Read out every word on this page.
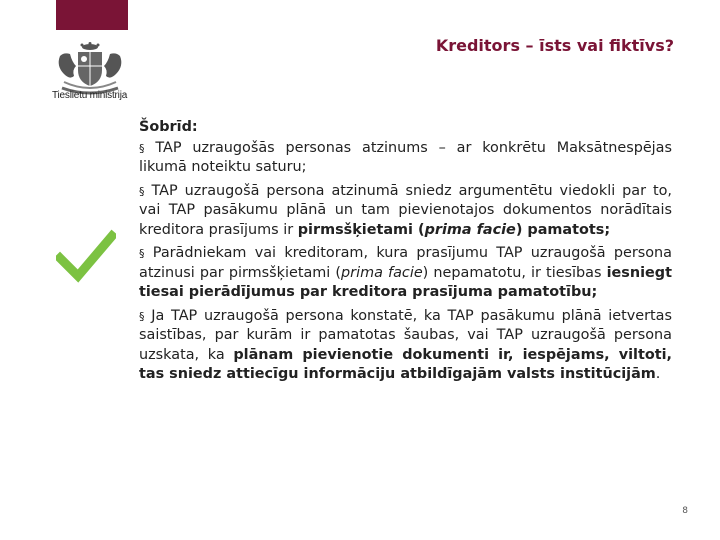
Tieslietu ministrija
Kreditors – īsts vai fiktīvs?
Šobrīd:
§ TAP uzraugošās personas atzinums – ar konkrētu Maksātnespējas likumā noteiktu saturu;
§ TAP uzraugošā persona atzinumā sniedz argumentētu viedokli par to, vai TAP pasākumu plānā un tam pievienotajos dokumentos norādītais kreditora prasījums ir pirmsšķietami (prima facie) pamatots;
§ Parādniekam vai kreditoram, kura prasījumu TAP uzraugošā persona atzinusi par pirmsšķietami (prima facie) nepamatotu, ir tiesības iesniegt tiesai pierādījumus par kreditora prasījuma pamatotību;
§ Ja TAP uzraugošā persona konstatē, ka TAP pasākumu plānā ietvertas saistības, par kurām ir pamatotas šaubas, vai TAP uzraugošā persona uzskata, ka plānam pievienotie dokumenti ir, iespējams, viltoti, tas sniedz attiecīgu informāciju atbildīgajām valsts institūcijām.
8
